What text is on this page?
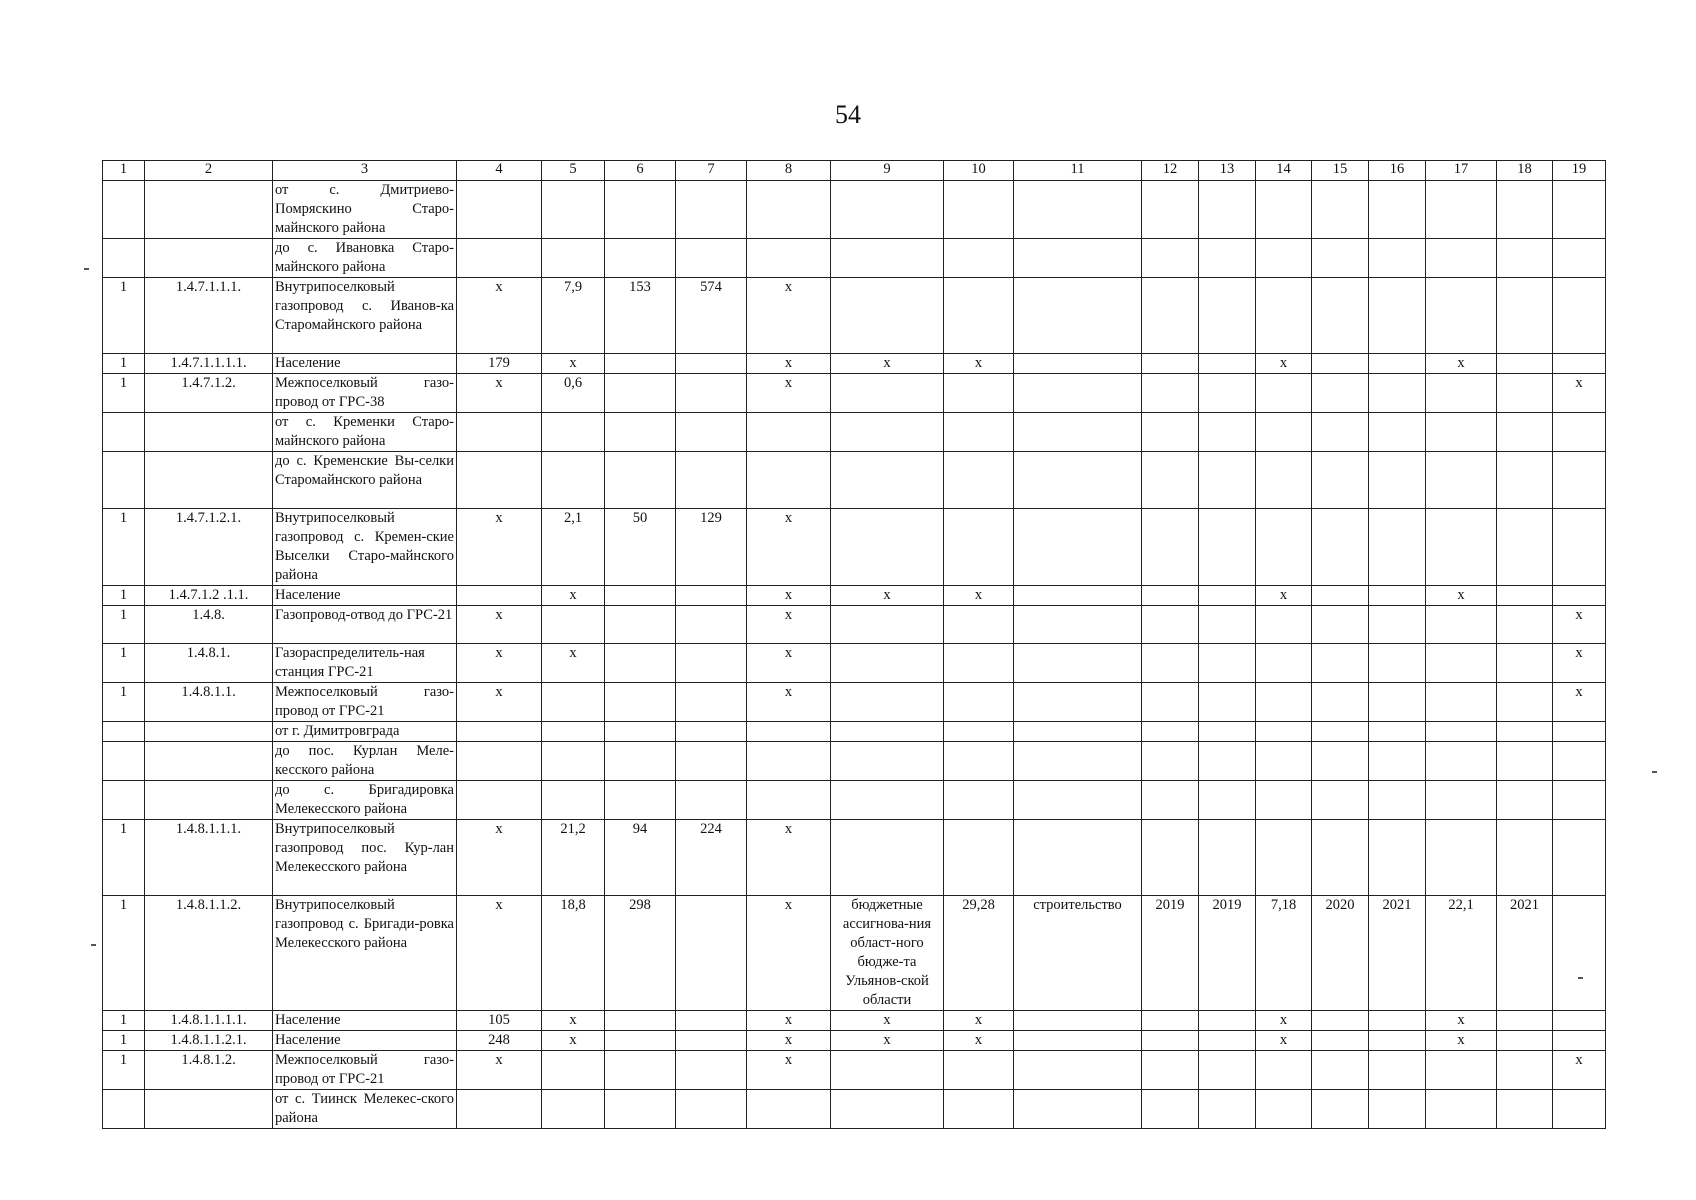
54
1	2	3	4	5	6	7	8	9	10	11	12	13	14	15	16	17	18	19
		от с. Дмитриево-Помряскино Старо-майнского района																
		до с. Ивановка Старо-майнского района																
1	1.4.7.1.1.1.	Внутрипоселковый газопровод с. Иванов-ка Старомайнского района	х	7,9	153	574	х											
1	1.4.7.1.1.1.1.	Население	179	х			х	х	х				х			х		
1	1.4.7.1.2.	Межпоселковый газо-провод от ГРС-38	х	0,6			х											х
		от с. Кременки Старо-майнского района																
		до с. Кременские Вы-селки Старомайнского района																
1	1.4.7.1.2.1.	Внутрипоселковый газопровод с. Кремен-ские Выселки Старо-майнского района	х	2,1	50	129	х											
1	1.4.7.1.2 .1.1.	Население		х			х	х	х				х			х		
1	1.4.8.	Газопровод-отвод до ГРС-21	х				х											х
1	1.4.8.1.	Газораспределитель-ная станция ГРС-21	х	х			х											х
1	1.4.8.1.1.	Межпоселковый газо-провод от ГРС-21	х				х											х
		от г. Димитровграда																
		до пос. Курлан Меле-кесского района																
		до с. Бригадировка Мелекесского района																
1	1.4.8.1.1.1.	Внутрипоселковый газопровод пос. Кур-лан Мелекесского района	х	21,2	94	224	х											
1	1.4.8.1.1.2.	Внутрипоселковый газопровод с. Бригади-ровка Мелекесского района	х	18,8	298		х	бюджетные ассигнова-ния област-ного бюдже-та Ульянов-ской области	29,28	строительство	2019	2019	7,18	2020	2021	22,1	2021	
1	1.4.8.1.1.1.1.	Население	105	х			х	х	х				х			х		
1	1.4.8.1.1.2.1.	Население	248	х			х	х	х				х			х		
1	1.4.8.1.2.	Межпоселковый газо-провод от ГРС-21	х				х											х
		от с. Тиинск Мелекес-ского района																
